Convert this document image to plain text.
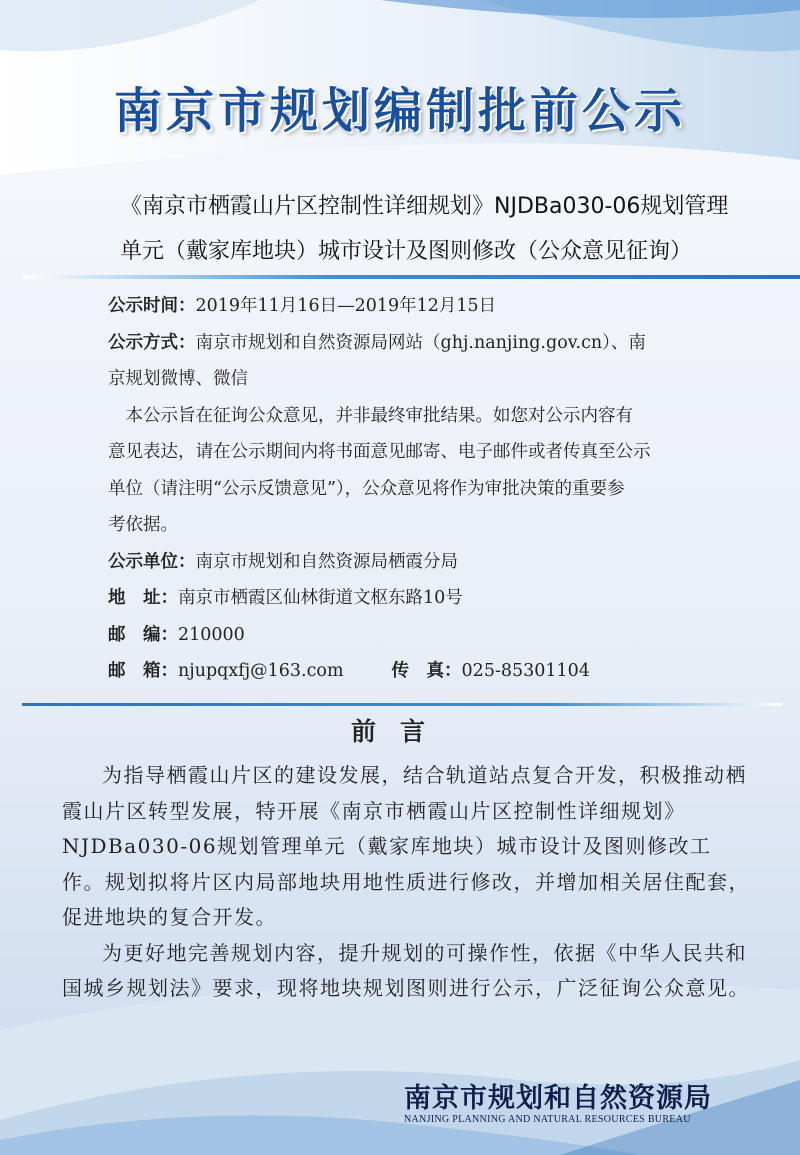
南京市规划编制批前公示
《南京市栖霞山片区控制性详细规划》NJDBa030-06规划管理
单元（戴家库地块）城市设计及图则修改（公众意见征询）
公示时间：2019年11月16日—2019年12月15日
公示方式：南京市规划和自然资源局网站（ghj.nanjing.gov.cn）、南
京规划微博、微信
本公示旨在征询公众意见，并非最终审批结果。如您对公示内容有
意见表达，请在公示期间内将书面意见邮寄、电子邮件或者传真至公示
单位（请注明“公示反馈意见”），公众意见将作为审批决策的重要参
考依据。
公示单位：南京市规划和自然资源局栖霞分局
地　址：南京市栖霞区仙林街道文枢东路10号
邮　编：210000
邮　箱：njupqxfj@163.com	传　真：025-85301104
前言

为指导栖霞山片区的建设发展，结合轨道站点复合开发，积极推动栖霞山片区转型发展，特开展《南京市栖霞山片区控制性详细规划》NJDBa030-06规划管理单元（戴家库地块）城市设计及图则修改工作。规划拟将片区内局部地块用地性质进行修改，并增加相关居住配套，促进地块的复合开发。

为更好地完善规划内容，提升规划的可操作性，依据《中华人民共和国城乡规划法》要求，现将地块规划图则进行公示，广泛征询公众意见。

南京市规划和自然资源局
NANJING PLANNING AND NATURAL RESOURCES BUREAU
